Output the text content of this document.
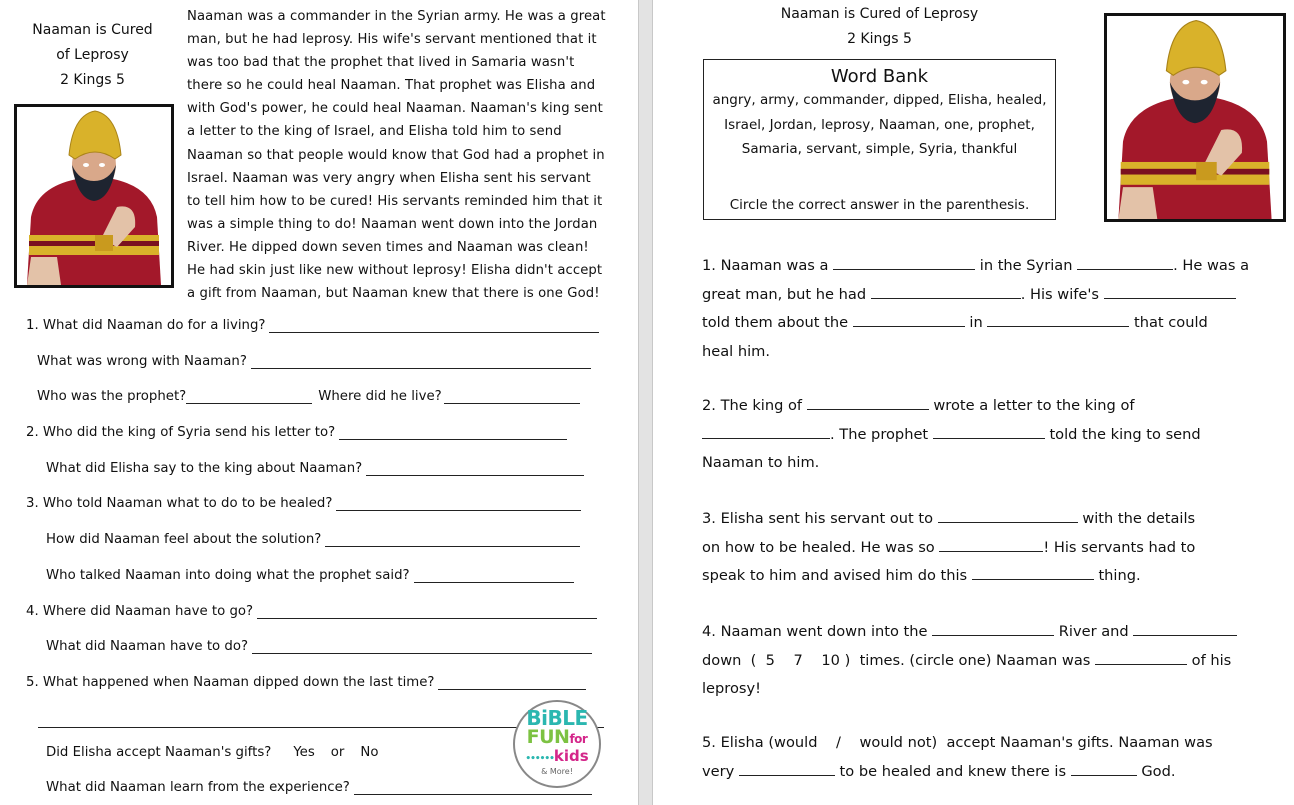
Naaman is Cured
of Leprosy
2 Kings 5
Naaman was a commander in the Syrian army. He was a great man, but he had leprosy. His wife's servant mentioned that it was too bad that the prophet that lived in Samaria wasn't there so he could heal Naaman. That prophet was Elisha and with God's power, he could heal Naaman. Naaman's king sent a letter to the king of Israel, and Elisha told him to send Naaman so that people would know that God had a prophet in Israel. Naaman was very angry when Elisha sent his servant to tell him how to be cured! His servants reminded him that it was a simple thing to do! Naaman went down into the Jordan River. He dipped down seven times and Naaman was clean! He had skin just like new without leprosy! Elisha didn't accept a gift from Naaman, but Naaman knew that there is one God!
1. What did Naaman do for a living?
What was wrong with Naaman?
Who was the prophet?	Where did he live?
2. Who did the king of Syria send his letter to?
What did Elisha say to the king about Naaman?
3. Who told Naaman what to do to be healed?
How did Naaman feel about the solution?
Who talked Naaman into doing what the prophet said?
4. Where did Naaman have to go?
What did Naaman have to do?
5. What happened when Naaman dipped down the last time?
Did Elisha accept Naaman's gifts? Yes or No
What did Naaman learn from the experience?
BiBLE
FUNfor
••••••kids
& More!
Naaman is Cured of Leprosy
2 Kings 5
Word Bank
angry, army, commander, dipped, Elisha, healed,
Israel, Jordan, leprosy, Naaman, one, prophet,
Samaria, servant, simple, Syria, thankful
Circle the correct answer in the parenthesis.
1. Naaman was a	in the Syrian	. He was a
great man, but he had	. His wife's
told them about the	in	that could
heal him.
2. The king of	wrote a letter to the king of
. The prophet	told the king to send
Naaman to him.
3. Elisha sent his servant out to	with the details
on how to be healed. He was so	! His servants had to
speak to him and avised him do this	thing.
4. Naaman went down into the	River and
down  (  5 7 10 )  times. (circle one) Naaman was	of his
leprosy!
5. Elisha (would / would not) accept Naaman's gifts. Naaman was
very	to be healed and knew there is	God.
